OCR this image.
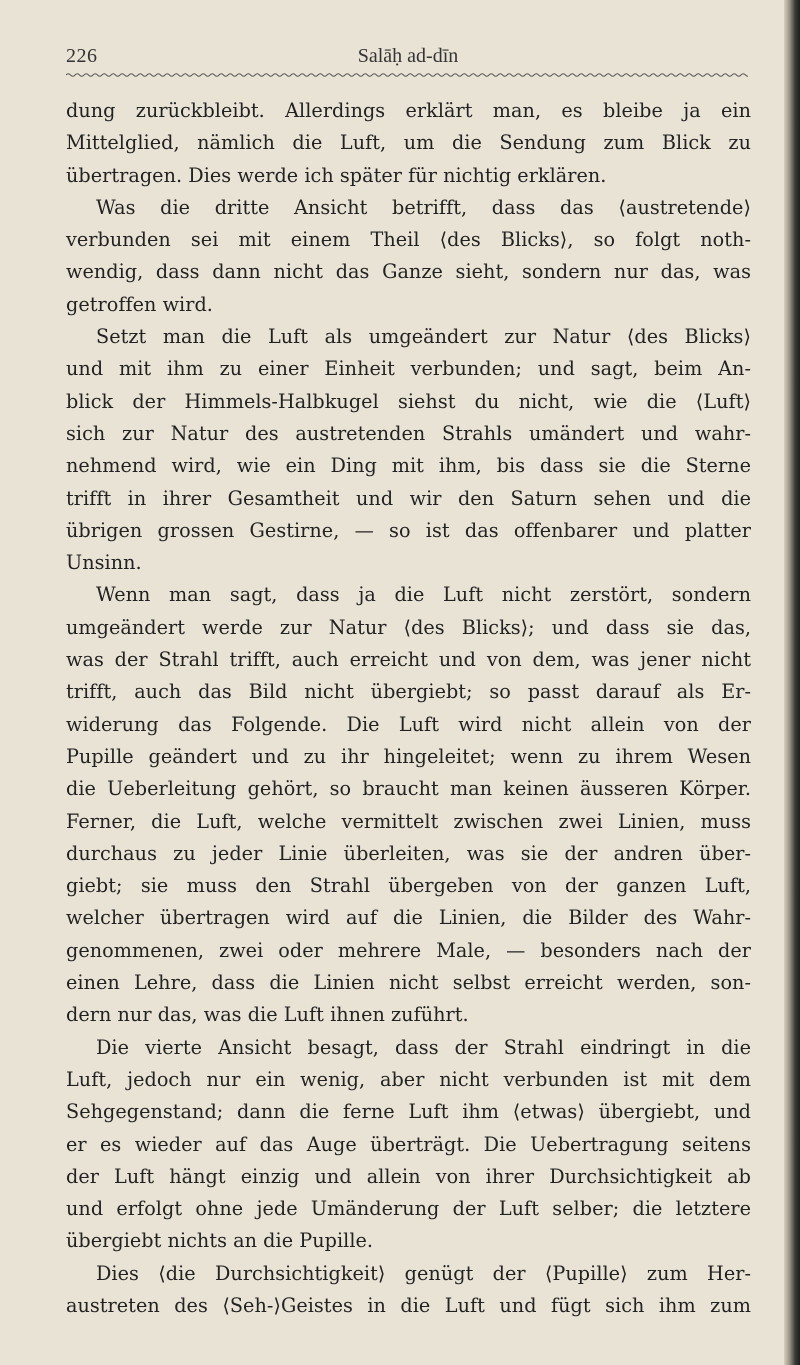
226	Salāḥ ad-dīn
dung zurückbleibt. Allerdings erklärt man, es bleibe ja ein
Mittelglied, nämlich die Luft, um die Sendung zum Blick zu
übertragen. Dies werde ich später für nichtig erklären.
Was die dritte Ansicht betrifft, dass das ⟨austretende⟩
verbunden sei mit einem Theil ⟨des Blicks⟩, so folgt noth-
wendig, dass dann nicht das Ganze sieht, sondern nur das, was
getroffen wird.
Setzt man die Luft als umgeändert zur Natur ⟨des Blicks⟩
und mit ihm zu einer Einheit verbunden; und sagt, beim An-
blick der Himmels-Halbkugel siehst du nicht, wie die ⟨Luft⟩
sich zur Natur des austretenden Strahls umändert und wahr-
nehmend wird, wie ein Ding mit ihm, bis dass sie die Sterne
trifft in ihrer Gesamtheit und wir den Saturn sehen und die
übrigen grossen Gestirne, — so ist das offenbarer und platter
Unsinn.
Wenn man sagt, dass ja die Luft nicht zerstört, sondern
umgeändert werde zur Natur ⟨des Blicks⟩; und dass sie das,
was der Strahl trifft, auch erreicht und von dem, was jener nicht
trifft, auch das Bild nicht übergiebt; so passt darauf als Er-
widerung das Folgende. Die Luft wird nicht allein von der
Pupille geändert und zu ihr hingeleitet; wenn zu ihrem Wesen
die Ueberleitung gehört, so braucht man keinen äusseren Körper.
Ferner, die Luft, welche vermittelt zwischen zwei Linien, muss
durchaus zu jeder Linie überleiten, was sie der andren über-
giebt; sie muss den Strahl übergeben von der ganzen Luft,
welcher übertragen wird auf die Linien, die Bilder des Wahr-
genommenen, zwei oder mehrere Male, — besonders nach der
einen Lehre, dass die Linien nicht selbst erreicht werden, son-
dern nur das, was die Luft ihnen zuführt.
Die vierte Ansicht besagt, dass der Strahl eindringt in die
Luft, jedoch nur ein wenig, aber nicht verbunden ist mit dem
Sehgegenstand; dann die ferne Luft ihm ⟨etwas⟩ übergiebt, und
er es wieder auf das Auge überträgt. Die Uebertragung seitens
der Luft hängt einzig und allein von ihrer Durchsichtigkeit ab
und erfolgt ohne jede Umänderung der Luft selber; die letztere
übergiebt nichts an die Pupille.
Dies ⟨die Durchsichtigkeit⟩ genügt der ⟨Pupille⟩ zum Her-
austreten des ⟨Seh-⟩Geistes in die Luft und fügt sich ihm zum
